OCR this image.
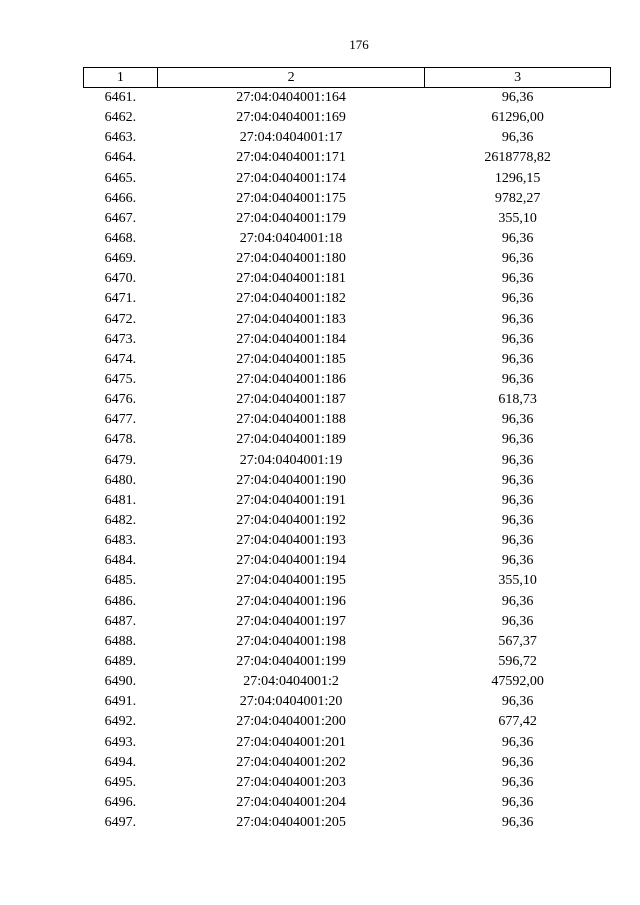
176
1	2	3
6461.	27:04:0404001:164	96,36
6462.	27:04:0404001:169	61296,00
6463.	27:04:0404001:17	96,36
6464.	27:04:0404001:171	2618778,82
6465.	27:04:0404001:174	1296,15
6466.	27:04:0404001:175	9782,27
6467.	27:04:0404001:179	355,10
6468.	27:04:0404001:18	96,36
6469.	27:04:0404001:180	96,36
6470.	27:04:0404001:181	96,36
6471.	27:04:0404001:182	96,36
6472.	27:04:0404001:183	96,36
6473.	27:04:0404001:184	96,36
6474.	27:04:0404001:185	96,36
6475.	27:04:0404001:186	96,36
6476.	27:04:0404001:187	618,73
6477.	27:04:0404001:188	96,36
6478.	27:04:0404001:189	96,36
6479.	27:04:0404001:19	96,36
6480.	27:04:0404001:190	96,36
6481.	27:04:0404001:191	96,36
6482.	27:04:0404001:192	96,36
6483.	27:04:0404001:193	96,36
6484.	27:04:0404001:194	96,36
6485.	27:04:0404001:195	355,10
6486.	27:04:0404001:196	96,36
6487.	27:04:0404001:197	96,36
6488.	27:04:0404001:198	567,37
6489.	27:04:0404001:199	596,72
6490.	27:04:0404001:2	47592,00
6491.	27:04:0404001:20	96,36
6492.	27:04:0404001:200	677,42
6493.	27:04:0404001:201	96,36
6494.	27:04:0404001:202	96,36
6495.	27:04:0404001:203	96,36
6496.	27:04:0404001:204	96,36
6497.	27:04:0404001:205	96,36
